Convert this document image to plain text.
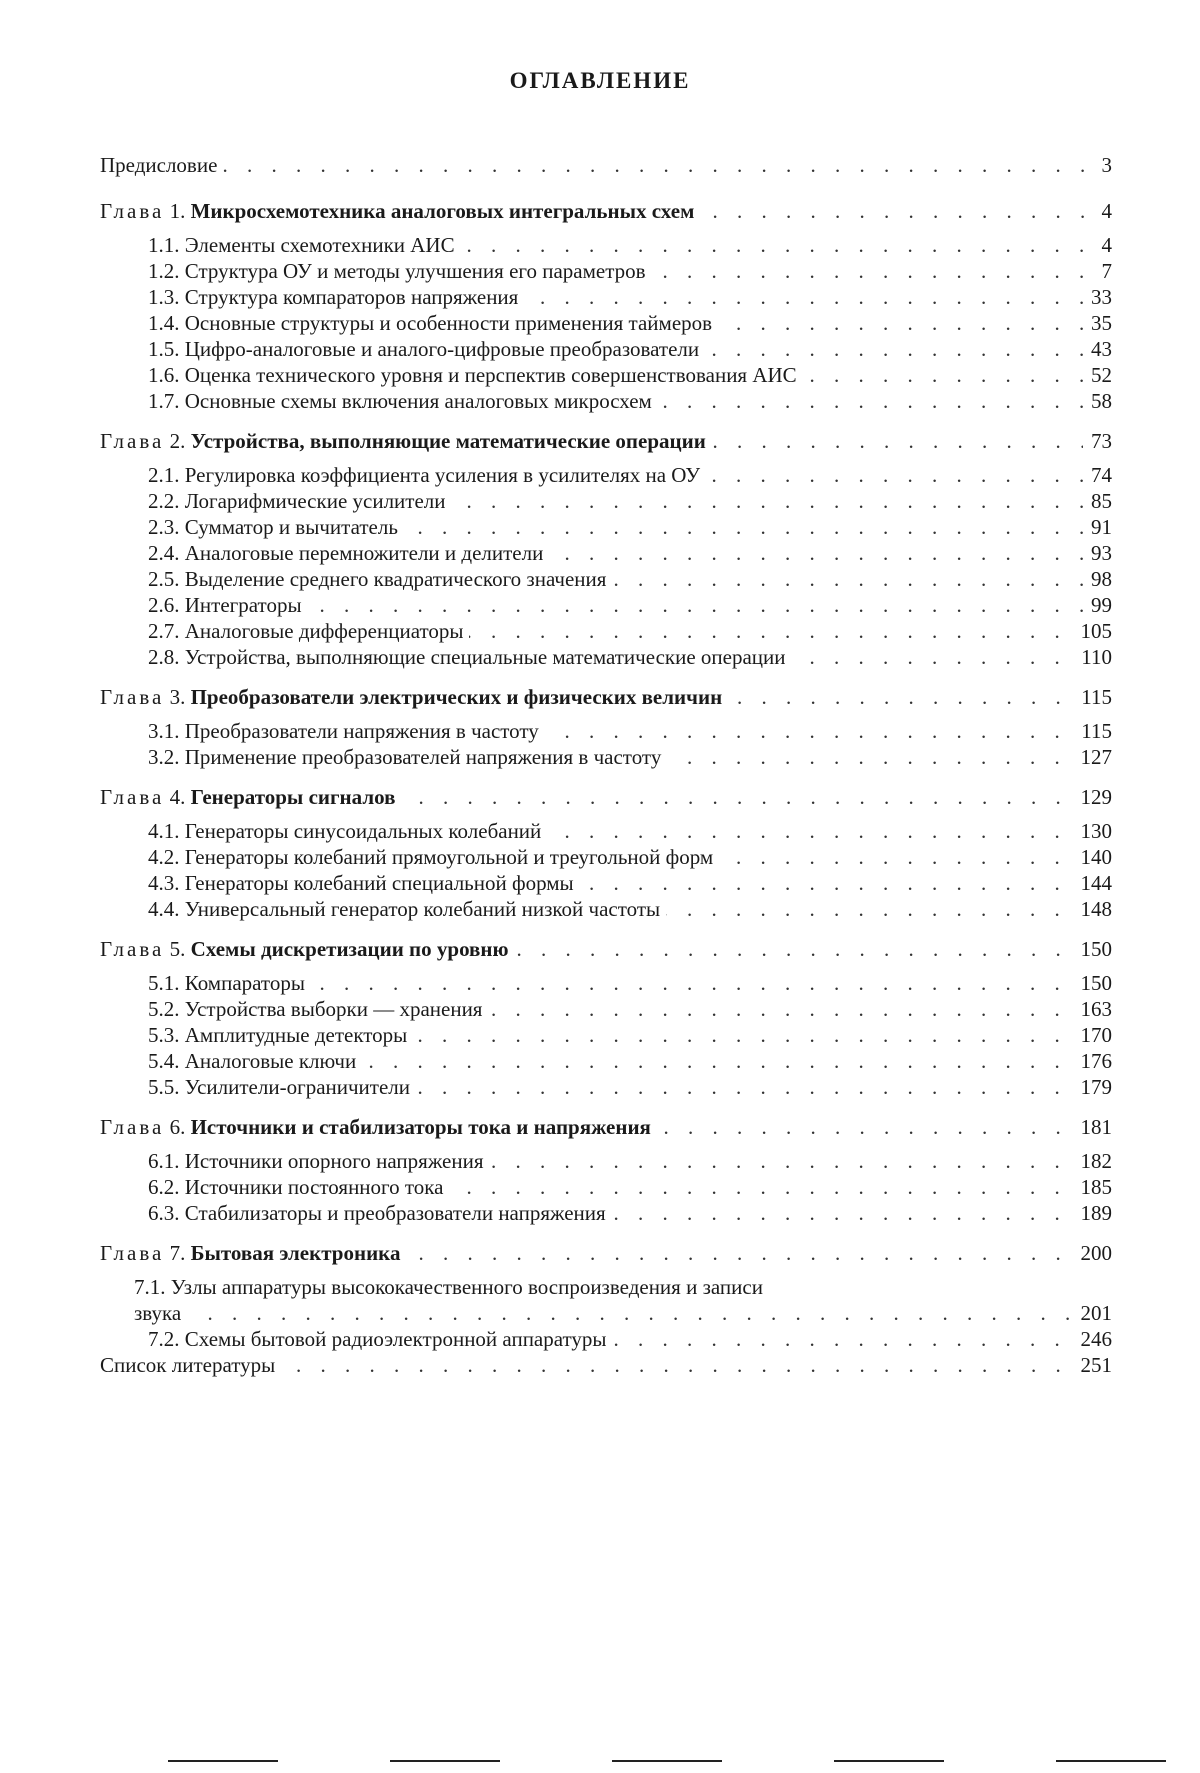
ОГЛАВЛЕНИЕ
. . .
Предисловие	3
. . .
Глава 1. Микросхемотехника аналоговых интегральных схем	4
. . .
1.1. Элементы схемотехники АИС	4
. . .
1.2. Структура ОУ и методы улучшения его параметров	7
. . .
1.3. Структура компараторов напряжения	33
. . .
1.4. Основные структуры и особенности применения таймеров	35
. . .
1.5. Цифро-аналоговые и аналого-цифровые преобразователи	43
. . .
1.6. Оценка технического уровня и перспектив совершенствования АИС	52
. . .
1.7. Основные схемы включения аналоговых микросхем	58
. . .
Глава 2. Устройства, выполняющие математические операции	73
. . .
2.1. Регулировка коэффициента усиления в усилителях на ОУ	74
. . .
2.2. Логарифмические усилители	85
. . .
2.3. Сумматор и вычитатель	91
. . .
2.4. Аналоговые перемножители и делители	93
. . .
2.5. Выделение среднего квадратического значения	98
. . .
2.6. Интеграторы	99
. . .
2.7. Аналоговые дифференциаторы	105
. . .
2.8. Устройства, выполняющие специальные математические операции	110
. . .
Глава 3. Преобразователи электрических и физических величин	115
. . .
3.1. Преобразователи напряжения в частоту	115
. . .
3.2. Применение преобразователей напряжения в частоту	127
. . .
Глава 4. Генераторы сигналов	129
. . .
4.1. Генераторы синусоидальных колебаний	130
. . .
4.2. Генераторы колебаний прямоугольной и треугольной форм	140
. . .
4.3. Генераторы колебаний специальной формы	144
. . .
4.4. Универсальный генератор колебаний низкой частоты	148
. . .
Глава 5. Схемы дискретизации по уровню	150
. . .
5.1. Компараторы	150
. . .
5.2. Устройства выборки — хранения	163
. . .
5.3. Амплитудные детекторы	170
. . .
5.4. Аналоговые ключи	176
. . .
5.5. Усилители-ограничители	179
. . .
Глава 6. Источники и стабилизаторы тока и напряжения	181
. . .
6.1. Источники опорного напряжения	182
. . .
6.2. Источники постоянного тока	185
. . .
6.3. Стабилизаторы и преобразователи напряжения	189
. . .
Глава 7. Бытовая электроника	200
7.1. Узлы аппаратуры высококачественного воспроизведения и записи
. . .
звука	201
. . .
7.2. Схемы бытовой радиоэлектронной аппаратуры	246
. . .
Список литературы	251
